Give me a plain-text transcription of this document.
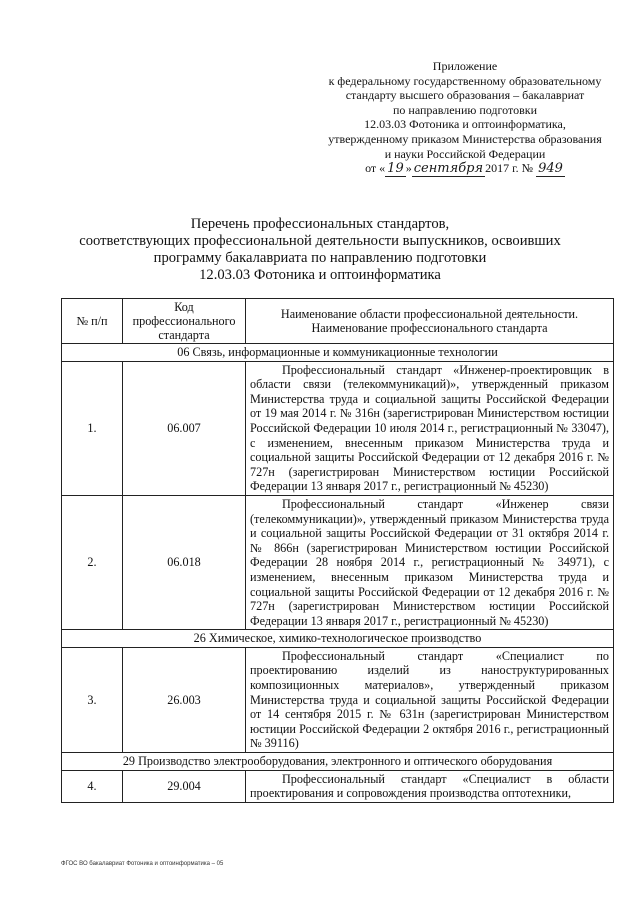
Приложение
к федеральному государственному образовательному
стандарту высшего образования – бакалавриат
по направлению подготовки
12.03.03 Фотоника и оптоинформатика,
утвержденному приказом Министерства образования
и науки Российской Федерации
от « 19 » сентября 2017 г. № 949
Перечень профессиональных стандартов,
соответствующих профессиональной деятельности выпускников, освоивших
программу бакалавриата по направлению подготовки
12.03.03 Фотоника и оптоинформатика
№ п/п	Код профессионального стандарта	Наименование области профессиональной деятельности. Наименование профессионального стандарта
06 Связь, информационные и коммуникационные технологии		
1.	06.007	Профессиональный стандарт «Инженер-проектировщик в области связи (телекоммуникаций)», утвержденный приказом Министерства труда и социальной защиты Российской Федерации от 19 мая 2014 г. № 316н (зарегистрирован Министерством юстиции Российской Федерации 10 июля 2014 г., регистрационный № 33047), с изменением, внесенным приказом Министерства труда и социальной защиты Российской Федерации от 12 декабря 2016 г. № 727н (зарегистрирован Министерством юстиции Российской Федерации 13 января 2017 г., регистрационный № 45230)
2.	06.018	Профессиональный стандарт «Инженер связи (телекоммуникации)», утвержденный приказом Министерства труда и социальной защиты Российской Федерации от 31 октября 2014 г. № 866н (зарегистрирован Министерством юстиции Российской Федерации 28 ноября 2014 г., регистрационный № 34971), с изменением, внесенным приказом Министерства труда и социальной защиты Российской Федерации от 12 декабря 2016 г. № 727н (зарегистрирован Министерством юстиции Российской Федерации 13 января 2017 г., регистрационный № 45230)
26 Химическое, химико-технологическое производство		
3.	26.003	Профессиональный стандарт «Специалист по проектированию изделий из наноструктурированных композиционных материалов», утвержденный приказом Министерства труда и социальной защиты Российской Федерации от 14 сентября 2015 г. № 631н (зарегистрирован Министерством юстиции Российской Федерации 2 октября 2016 г., регистрационный № 39116)
29 Производство электрооборудования, электронного и оптического оборудования		
4.	29.004	Профессиональный стандарт «Специалист в области проектирования и сопровождения производства оптотехники,
ФГОС ВО бакалавриат Фотоника и оптоинформатика – 05
